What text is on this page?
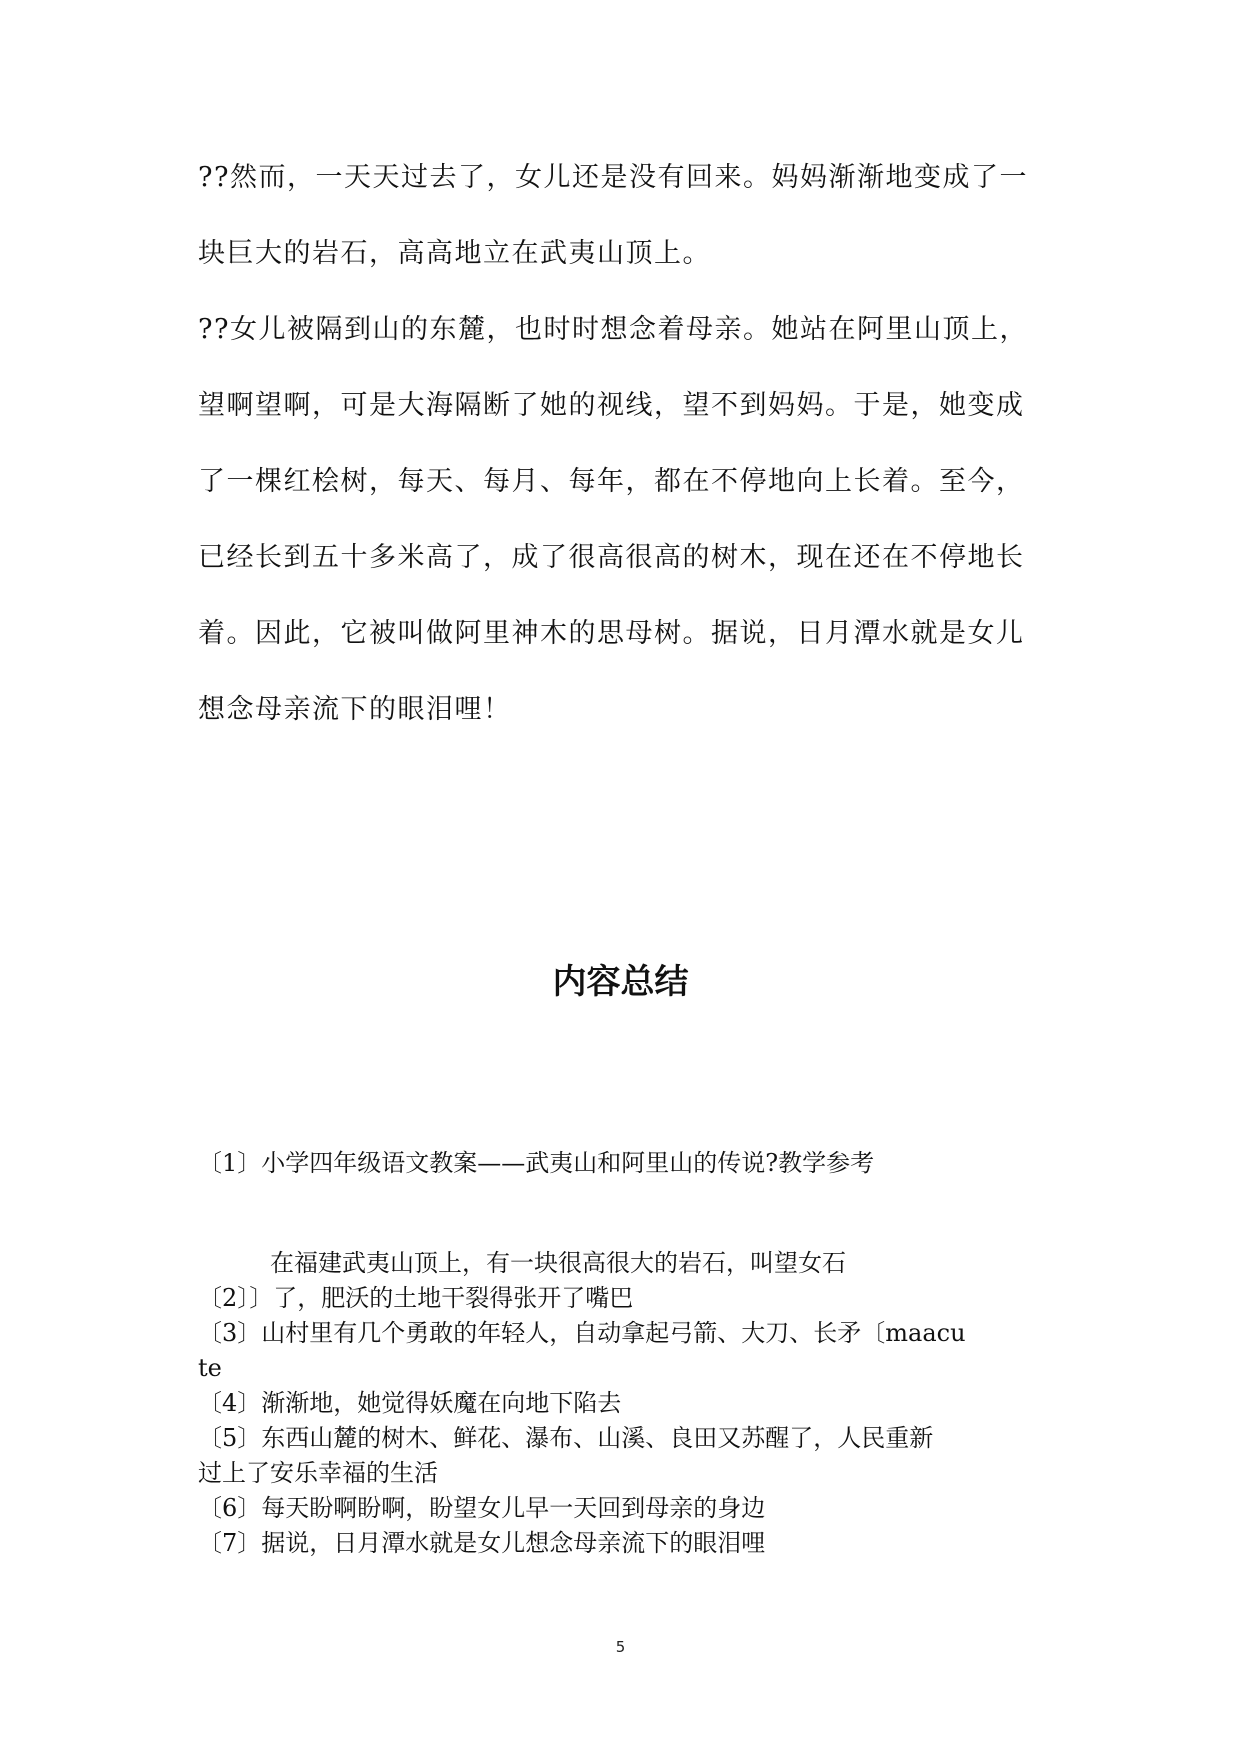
??然而，一天天过去了，女儿还是没有回来。妈妈渐渐地变成了一
块巨大的岩石，高高地立在武夷山顶上。
??女儿被隔到山的东麓，也时时想念着母亲。她站在阿里山顶上，
望啊望啊，可是大海隔断了她的视线，望不到妈妈。于是，她变成
了一棵红桧树，每天、每月、每年，都在不停地向上长着。至今，
已经长到五十多米高了，成了很高很高的树木，现在还在不停地长
着。因此，它被叫做阿里神木的思母树。据说，日月潭水就是女儿
想念母亲流下的眼泪哩！
内容总结
〔1〕小学四年级语文教案——武夷山和阿里山的传说?教学参考
在福建武夷山顶上，有一块很高很大的岩石，叫望女石
〔2〕〕了，肥沃的土地干裂得张开了嘴巴
〔3〕山村里有几个勇敢的年轻人，自动拿起弓箭、大刀、长矛〔maacu
te
〔4〕渐渐地，她觉得妖魔在向地下陷去
〔5〕东西山麓的树木、鲜花、瀑布、山溪、良田又苏醒了，人民重新
过上了安乐幸福的生活
〔6〕每天盼啊盼啊，盼望女儿早一天回到母亲的身边
〔7〕据说，日月潭水就是女儿想念母亲流下的眼泪哩
5
